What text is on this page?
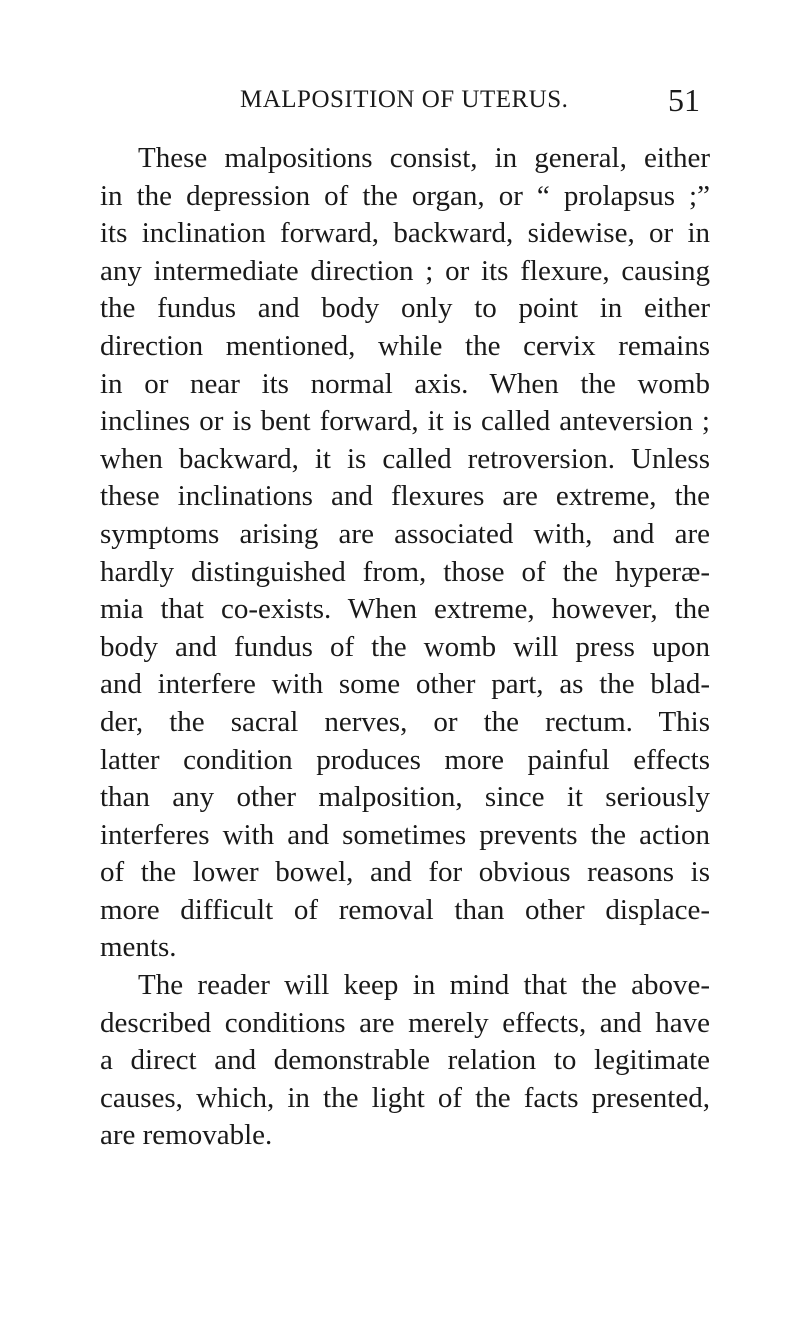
MALPOSITION OF UTERUS.	51
These malpositions consist, in general, either
in the depression of the organ, or “ prolapsus ;”
its inclination forward, backward, sidewise, or in
any intermediate direction ; or its flexure, causing
the fundus and body only to point in either
direction mentioned, while the cervix remains
in or near its normal axis. When the womb
inclines or is bent forward, it is called anteversion ;
when backward, it is called retroversion. Unless
these inclinations and flexures are extreme, the
symptoms arising are associated with, and are
hardly distinguished from, those of the hyperæ-
mia that co-exists. When extreme, however, the
body and fundus of the womb will press upon
and interfere with some other part, as the blad-
der, the sacral nerves, or the rectum. This
latter condition produces more painful effects
than any other malposition, since it seriously
interferes with and sometimes prevents the action
of the lower bowel, and for obvious reasons is
more difficult of removal than other displace-
ments.
The reader will keep in mind that the above-
described conditions are merely effects, and have
a direct and demonstrable relation to legitimate
causes, which, in the light of the facts presented,
are removable.
